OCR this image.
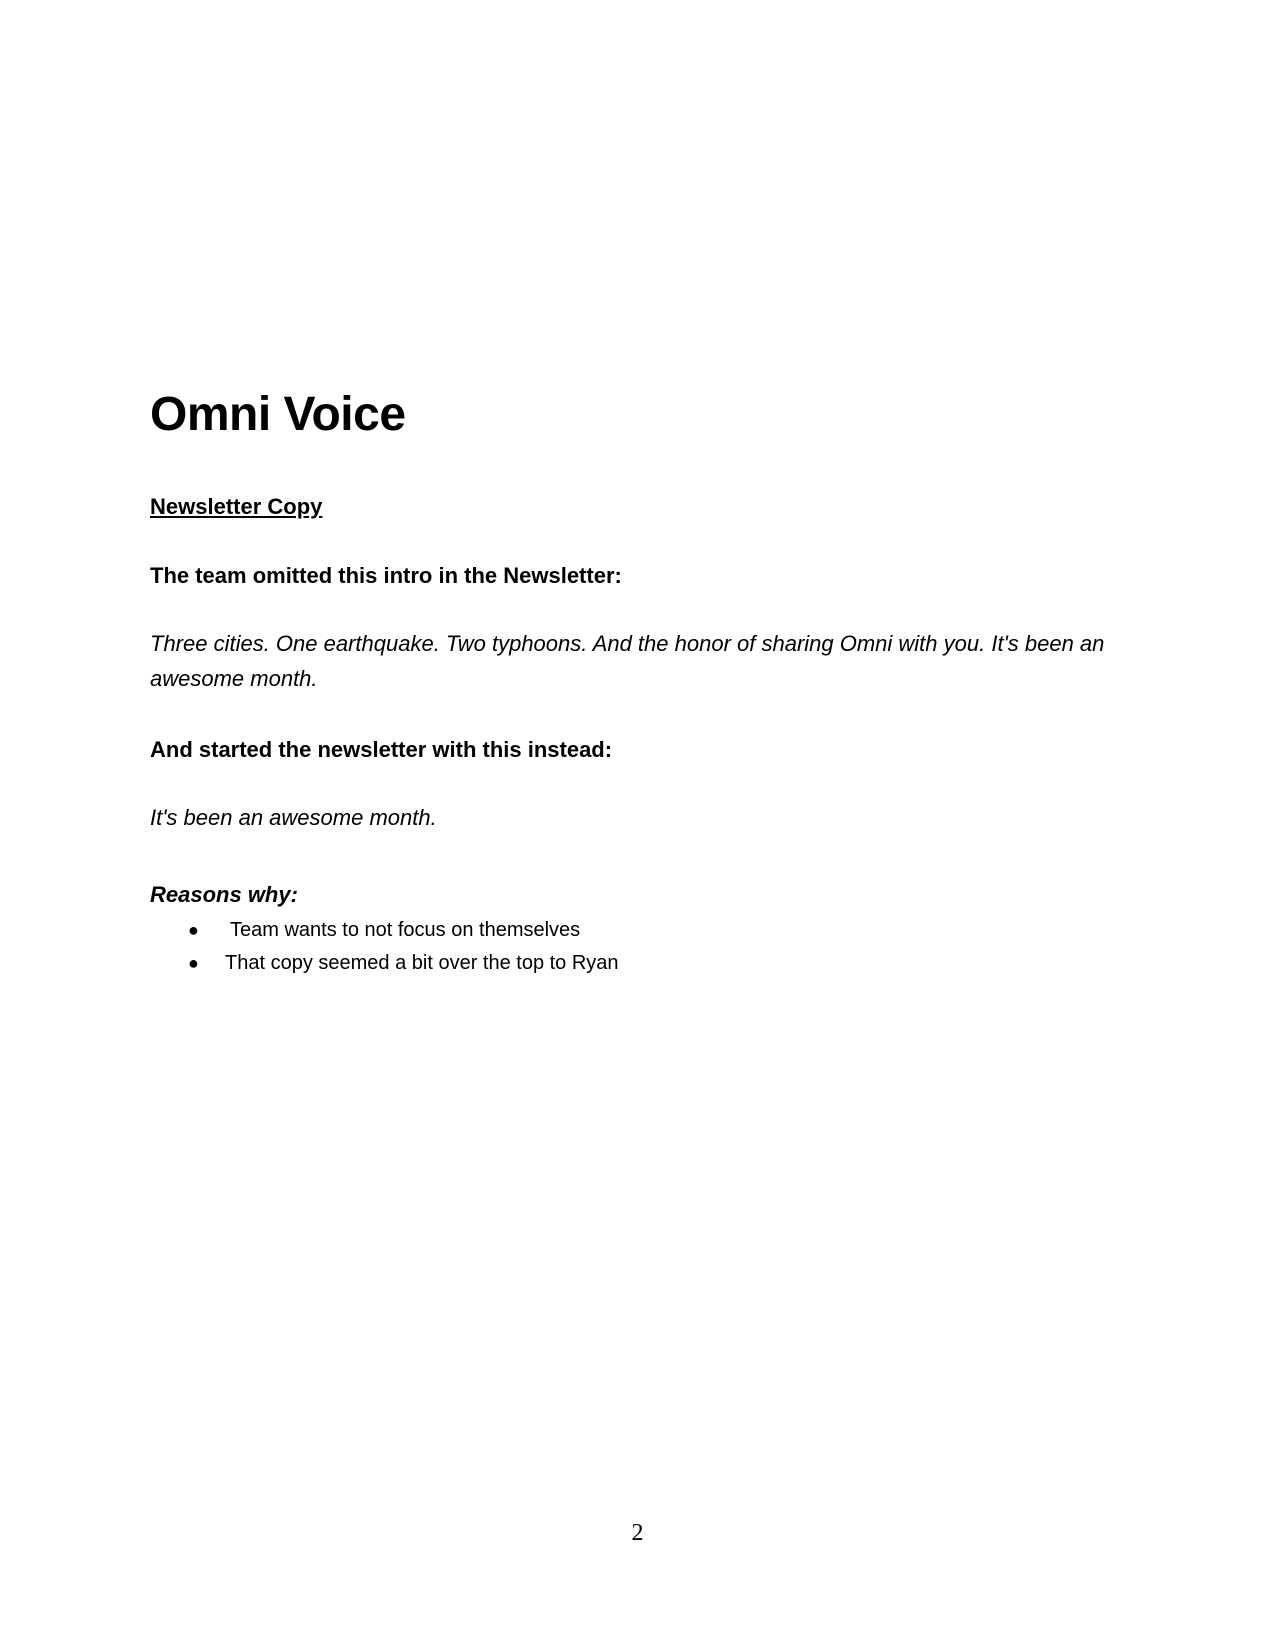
Omni Voice
Newsletter Copy
The team omitted this intro in the Newsletter:
Three cities. One earthquake. Two typhoons. And the honor of sharing Omni with you. It's been an awesome month.
And started the newsletter with this instead:
It's been an awesome month.
Reasons why:
● Team wants to not focus on themselves
● That copy seemed a bit over the top to Ryan
2
